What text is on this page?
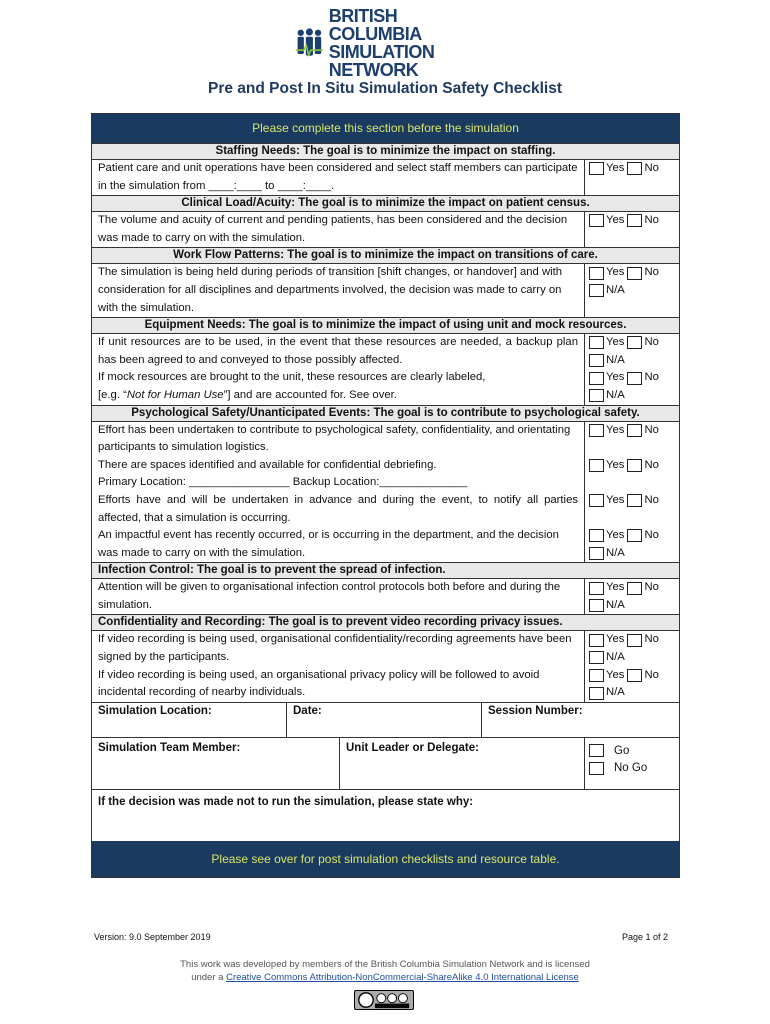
BRITISH COLUMBIA
SIMULATION NETWORK
Pre and Post In Situ Simulation Safety Checklist
Please complete this section before the simulation
Staffing Needs: The goal is to minimize the impact on staffing.
Patient care and unit operations have been considered and select staff members can participate in the simulation from ____:____ to ____:____.
Yes No
Clinical Load/Acuity: The goal is to minimize the impact on patient census.
The volume and acuity of current and pending patients, has been considered and the decision was made to carry on with the simulation.
Yes No
Work Flow Patterns: The goal is to minimize the impact on transitions of care.
The simulation is being held during periods of transition [shift changes, or handover] and with consideration for all disciplines and departments involved, the decision was made to carry on with the simulation.
Yes No
N/A
Equipment Needs: The goal is to minimize the impact of using unit and mock resources.
If unit resources are to be used, in the event that these resources are needed, a backup plan has been agreed to and conveyed to those possibly affected.
Yes No
N/A
If mock resources are brought to the unit, these resources are clearly labeled,
[e.g. “Not for Human Use”] and are accounted for. See over.
Yes No
N/A
Psychological Safety/Unanticipated Events: The goal is to contribute to psychological safety.
Effort has been undertaken to contribute to psychological safety, confidentiality, and orientating participants to simulation logistics.
Yes No
There are spaces identified and available for confidential debriefing.
Primary Location: ________________ Backup Location:______________
Yes No
Efforts have and will be undertaken in advance and during the event, to notify all parties affected, that a simulation is occurring.
Yes No
An impactful event has recently occurred, or is occurring in the department, and the decision was made to carry on with the simulation.
Yes No
N/A
Infection Control: The goal is to prevent the spread of infection.
Attention will be given to organisational infection control protocols both before and during the simulation.
Yes No
N/A
Confidentiality and Recording: The goal is to prevent video recording privacy issues.
If video recording is being used, organisational confidentiality/recording agreements have been signed by the participants.
Yes No
N/A
If video recording is being used, an organisational privacy policy will be followed to avoid incidental recording of nearby individuals.
Yes No
N/A
Simulation Location:	Date:	Session Number:
Simulation Team Member:	Unit Leader or Delegate:	Go
No Go
If the decision was made not to run the simulation, please state why:
Please see over for post simulation checklists and resource table.
Version: 9.0 September 2019	Page 1 of 2
This work was developed by members of the British Columbia Simulation Network and is licensed
under a Creative Commons Attribution-NonCommercial-ShareAlike 4.0 International License
